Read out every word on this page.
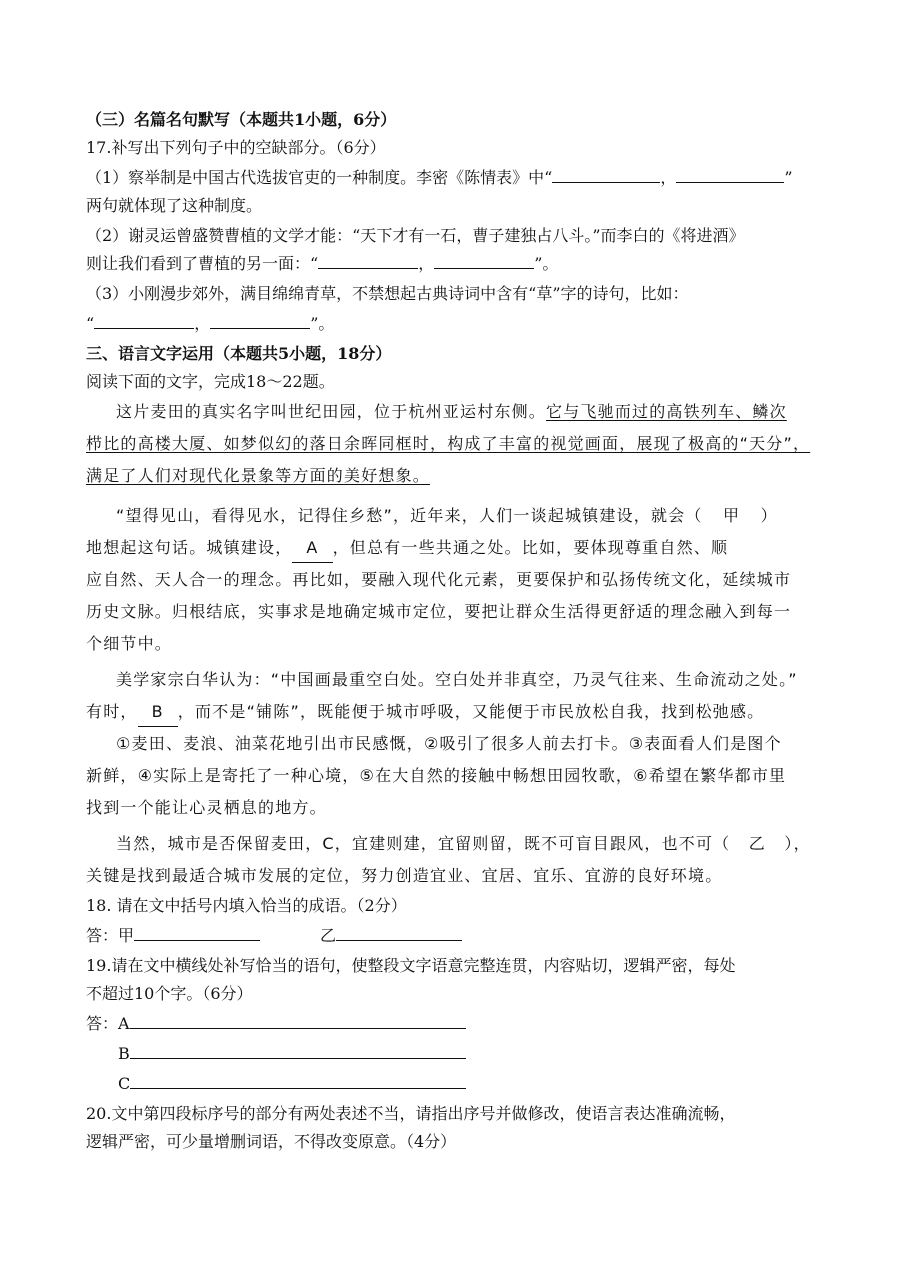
（三）名篇名句默写（本题共1小题，6分）
17.补写出下列句子中的空缺部分。（6分）
（1）察举制是中国古代选拔官吏的一种制度。李密《陈情表》中“	，	”
两句就体现了这种制度。
（2）谢灵运曾盛赞曹植的文学才能：“天下才有一石，曹子建独占八斗。”而李白的《将进酒》
则让我们看到了曹植的另一面：“	，	”。
（3）小刚漫步郊外，满目绵绵青草，不禁想起古典诗词中含有“草”字的诗句，比如：
“	，	”。
三、语言文字运用（本题共5小题，18分）
阅读下面的文字，完成18～22题。
这片麦田的真实名字叫世纪田园，位于杭州亚运村东侧。它与飞驰而过的高铁列车、鳞次
栉比的高楼大厦、如梦似幻的落日余晖同框时，构成了丰富的视觉画面，展现了极高的“天分”，
满足了人们对现代化景象等方面的美好想象。
“望得见山，看得见水，记得住乡愁”，近年来，人们一谈起城镇建设，就会（ 甲 ）
地想起这句话。城镇建设， A ，但总有一些共通之处。比如，要体现尊重自然、顺
应自然、天人合一的理念。再比如，要融入现代化元素，更要保护和弘扬传统文化，延续城市
历史文脉。归根结底，实事求是地确定城市定位，要把让群众生活得更舒适的理念融入到每一
个细节中。
美学家宗白华认为：“中国画最重空白处。空白处并非真空，乃灵气往来、生命流动之处。”
有时， B ，而不是“铺陈”，既能便于城市呼吸，又能便于市民放松自我，找到松弛感。
①麦田、麦浪、油菜花地引出市民感慨，②吸引了很多人前去打卡。③表面看人们是图个
新鲜，④实际上是寄托了一种心境，⑤在大自然的接触中畅想田园牧歌，⑥希望在繁华都市里
找到一个能让心灵栖息的地方。
当然，城市是否保留麦田，C，宜建则建，宜留则留，既不可盲目跟风，也不可（ 乙 ），
关键是找到最适合城市发展的定位，努力创造宜业、宜居、宜乐、宜游的良好环境。
18. 请在文中括号内填入恰当的成语。（2分）
答：甲	乙
19.请在文中横线处补写恰当的语句，使整段文字语意完整连贯，内容贴切，逻辑严密，每处
不超过10个字。（6分）
答：A
B
C
20.文中第四段标序号的部分有两处表述不当，请指出序号并做修改，使语言表达准确流畅，
逻辑严密，可少量增删词语，不得改变原意。（4分）
